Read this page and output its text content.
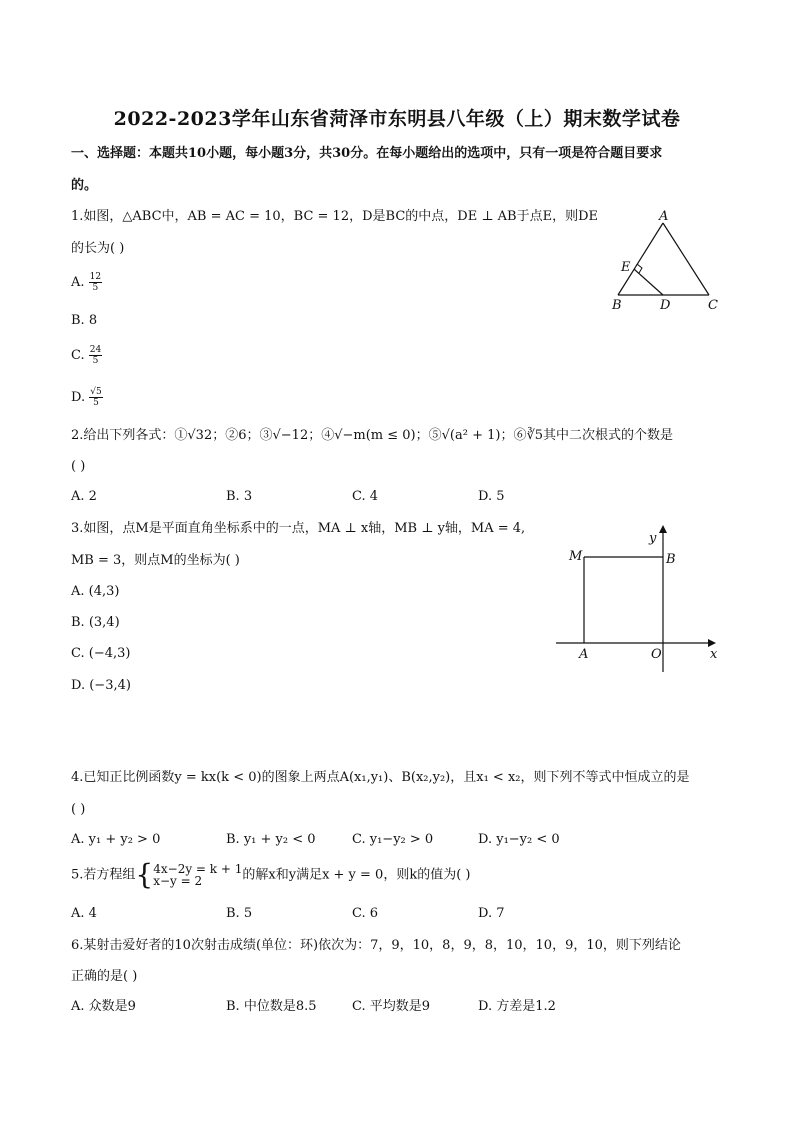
2022-2023学年山东省菏泽市东明县八年级（上）期末数学试卷
一、选择题：本题共10小题，每小题3分，共30分。在每小题给出的选项中，只有一项是符合题目要求
的。
1.如图，△ABC中，AB = AC = 10，BC = 12，D是BC的中点，DE ⊥ AB于点E，则DE
的长为( )
A. $\frac{12}{5}$
B. 8
C. $\frac{24}{5}$
D. $\frac{√5}{5}$
A
B	C
D
E
2.给出下列各式：①√32；②6；③√−12；④√−m(m ≤ 0)；⑤√(a² + 1)；⑥∛5其中二次根式的个数是
( )
A. 2	B. 3	C. 4	D. 5
3.如图，点M是平面直角坐标系中的一点，MA ⊥ x轴，MB ⊥ y轴，MA = 4,
MB = 3，则点M的坐标为( )
A. (4,3)
B. (3,4)
C. (−4,3)
D. (−3,4)
M	B
A	O	x
y
4.已知正比例函数y = kx(k < 0)的图象上两点A(x₁,y₁)、B(x₂,y₂)，且x₁ < x₂，则下列不等式中恒成立的是
( )
A. y₁ + y₂ > 0	B. y₁ + y₂ < 0	C. y₁−y₂ > 0	D. y₁−y₂ < 0
5.若方程组{ 4x−2y = k + 1
x−y = 2	的解x和y满足x + y = 0，则k的值为( )
A. 4	B. 5	C. 6	D. 7
6.某射击爱好者的10次射击成绩(单位：环)依次为：7，9，10，8，9，8，10，10，9，10，则下列结论
正确的是( )
A. 众数是9	B. 中位数是8.5	C. 平均数是9	D. 方差是1.2
